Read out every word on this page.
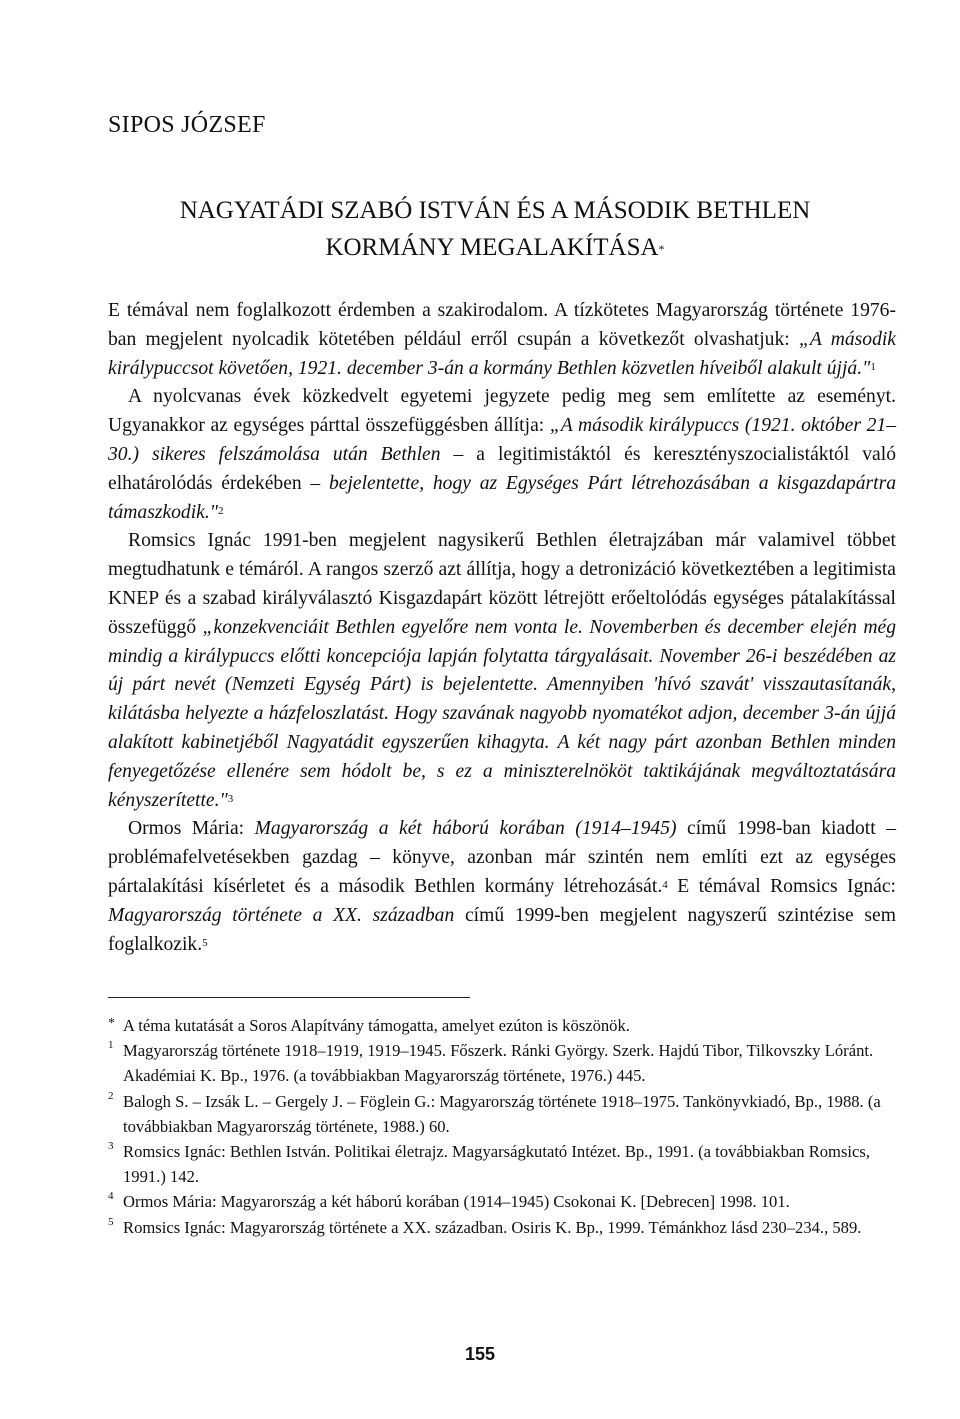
SIPOS JÓZSEF
NAGYATÁDI SZABÓ ISTVÁN ÉS A MÁSODIK BETHLEN
KORMÁNY MEGALAKÍTÁSA*

E témával nem foglalkozott érdemben a szakirodalom. A tízkötetes Magyarország története 1976-ban megjelent nyolcadik kötetében például erről csupán a következőt olvashatjuk: „A második királypuccsot követően, 1921. december 3-án a kormány Bethlen közvetlen híveiből alakult újjá."$^1$

A nyolcvanas évek közkedvelt egyetemi jegyzete pedig meg sem említette az eseményt. Ugyanakkor az egységes párttal összefüggésben állítja: „A második királypuccs (1921. október 21–30.) sikeres felszámolása után Bethlen – a legitimistáktól és keresztényszocialistáktól való elhatárolódás érdekében – bejelentette, hogy az Egységes Párt létrehozásában a kisgazdapártra támaszkodik."$^2$

Romsics Ignác 1991-ben megjelent nagysikerű Bethlen életrajzában már valamivel többet megtudhatunk e témáról. A rangos szerző azt állítja, hogy a detronizáció következtében a legitimista KNEP és a szabad királyválasztó Kisgazdapárt között létrejött erőeltolódás egységes pátalakítással összefüggő „konzekvenciáit Bethlen egyelőre nem vonta le. Novemberben és december elején még mindig a királypuccs előtti koncepciója lapján folytatta tárgyalásait. November 26-i beszédében az új párt nevét (Nemzeti Egység Párt) is bejelentette. Amennyiben 'hívó szavát' visszautasítanák, kilátásba helyezte a házfeloszlatást. Hogy szavának nagyobb nyomatékot adjon, december 3-án újjá alakított kabinetjéből Nagyatádit egyszerűen kihagyta. A két nagy párt azonban Bethlen minden fenyegetőzése ellenére sem hódolt be, s ez a miniszterelnököt taktikájának megváltoztatására kényszerítette."$^3$

Ormos Mária: Magyarország a két háború korában (1914–1945) című 1998-ban kiadott – problémafelvetésekben gazdag – könyve, azonban már szintén nem említi ezt az egységes pártalakítási kísérletet és a második Bethlen kormány létrehozását.$^4$ E témával Romsics Ignác: Magyarország története a XX. században című 1999-ben megjelent nagyszerű szintézise sem foglalkozik.$^5$

* A téma kutatását a Soros Alapítvány támogatta, amelyet ezúton is köszönök.
1 Magyarország története 1918–1919, 1919–1945. Főszerk. Ránki György. Szerk. Hajdú Tibor, Tilkovszky Lóránt. Akadémiai K. Bp., 1976. (a továbbiakban Magyarország története, 1976.) 445.
2 Balogh S. – Izsák L. – Gergely J. – Föglein G.: Magyarország története 1918–1975. Tankönyvkiadó, Bp., 1988. (a továbbiakban Magyarország története, 1988.) 60.
3 Romsics Ignác: Bethlen István. Politikai életrajz. Magyarságkutató Intézet. Bp., 1991. (a továbbiakban Romsics, 1991.) 142.
4 Ormos Mária: Magyarország a két háború korában (1914–1945) Csokonai K. [Debrecen] 1998. 101.
5 Romsics Ignác: Magyarország története a XX. században. Osiris K. Bp., 1999. Témánkhoz lásd 230–234., 589.
155
